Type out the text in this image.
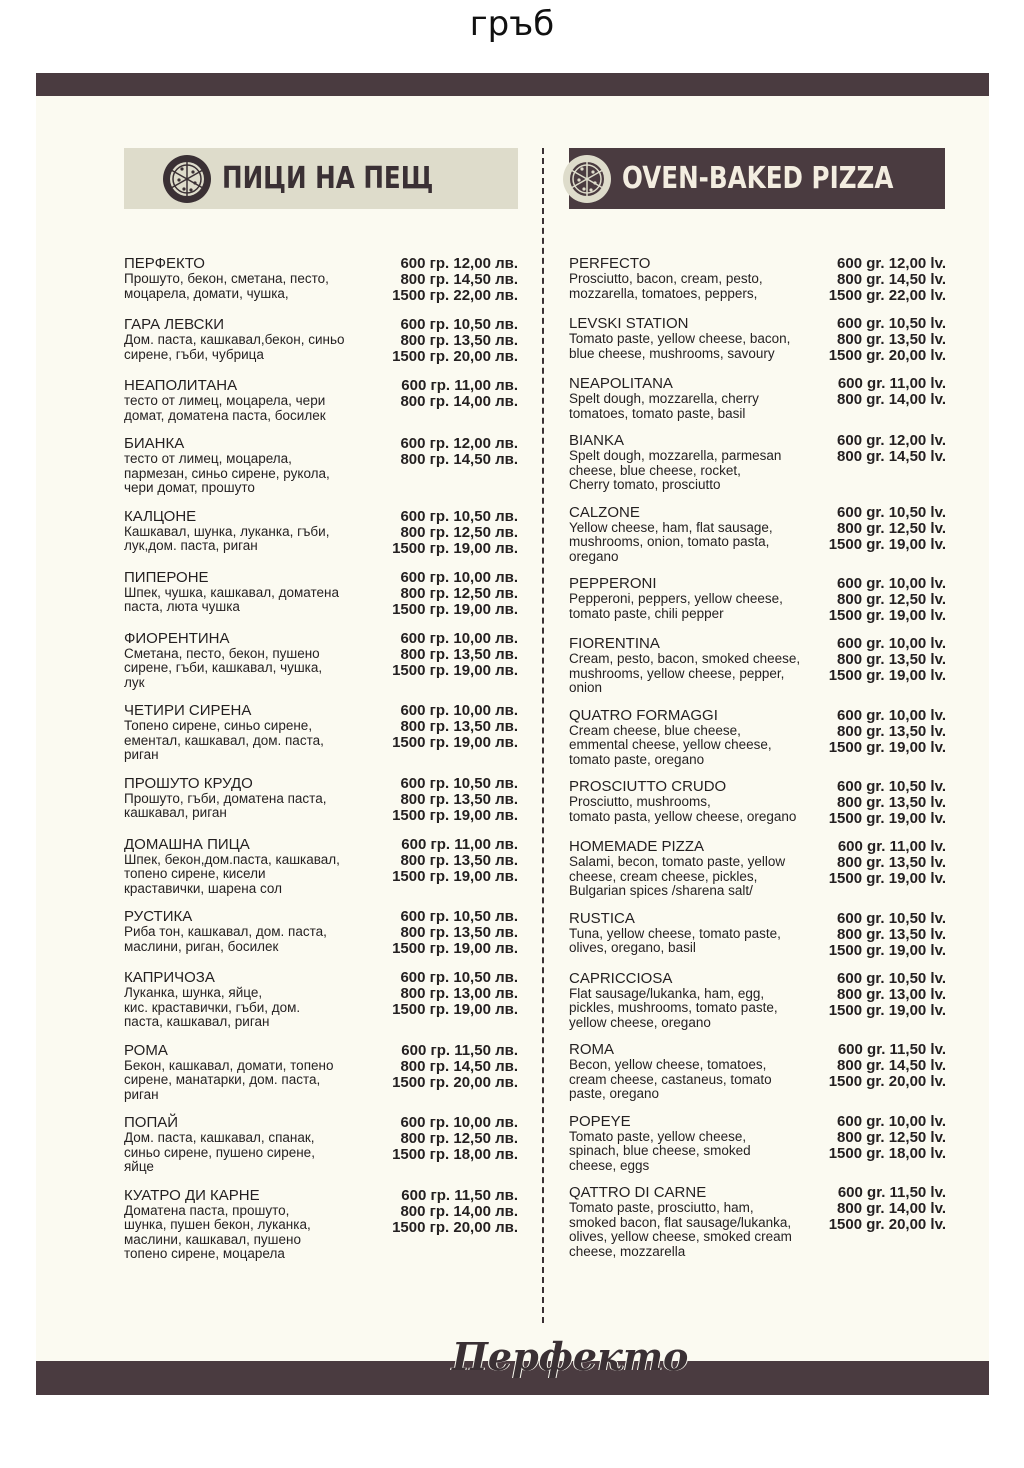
гръб
ПИЦИ НА ПЕЩ	OVEN-BAKED PIZZA
ПЕРФЕКТО
Прошуто, бекон, сметана, песто,
моцарела, домати, чушка,
600 гр. 12,00 лв.
800 гр. 14,50 лв.
1500 гр. 22,00 лв.
ГАРА ЛЕВСКИ
Дом. паста, кашкавал,бекон, синьо
сирене, гъби, чубрица
600 гр. 10,50 лв.
800 гр. 13,50 лв.
1500 гр. 20,00 лв.
НЕАПОЛИТАНА
тесто от лимец, моцарела, чери
домат, доматена паста, босилек
600 гр. 11,00 лв.
800 гр. 14,00 лв.
БИАНКА
тесто от лимец, моцарела,
пармезан, синьо сирене, рукола,
чери домат, прошуто
600 гр. 12,00 лв.
800 гр. 14,50 лв.
КАЛЦОНЕ
Кашкавал, шунка, луканка, гъби,
лук,дом. паста, риган
600 гр. 10,50 лв.
800 гр. 12,50 лв.
1500 гр. 19,00 лв.
ПИПЕРОНЕ
Шпек, чушка, кашкавал, доматена
паста, люта чушка
600 гр. 10,00 лв.
800 гр. 12,50 лв.
1500 гр. 19,00 лв.
ФИОРЕНТИНА
Сметана, песто, бекон, пушено
сирене, гъби, кашкавал, чушка,
лук
600 гр. 10,00 лв.
800 гр. 13,50 лв.
1500 гр. 19,00 лв.
ЧЕТИРИ СИРЕНА
Топено сирене, синьо сирене,
ементал, кашкавал, дом. паста,
риган
600 гр. 10,00 лв.
800 гр. 13,50 лв.
1500 гр. 19,00 лв.
ПРОШУТО КРУДО
Прошуто, гъби, доматена паста,
кашкавал, риган
600 гр. 10,50 лв.
800 гр. 13,50 лв.
1500 гр. 19,00 лв.
ДОМАШНА ПИЦА
Шпек, бекон,дом.паста, кашкавал,
топено сирене, кисели
краставички, шарена сол
600 гр. 11,00 лв.
800 гр. 13,50 лв.
1500 гр. 19,00 лв.
РУСТИКА
Риба тон, кашкавал, дом. паста,
маслини, риган, босилек
600 гр. 10,50 лв.
800 гр. 13,50 лв.
1500 гр. 19,00 лв.
КАПРИЧОЗА
Луканка, шунка, яйце,
кис. краставички, гъби, дом.
паста, кашкавал, риган
600 гр. 10,50 лв.
800 гр. 13,00 лв.
1500 гр. 19,00 лв.
РОМА
Бекон, кашкавал, домати, топено
сирене, манатарки, дом. паста,
риган
600 гр. 11,50 лв.
800 гр. 14,50 лв.
1500 гр. 20,00 лв.
ПОПАЙ
Дом. паста, кашкавал, спанак,
синьо сирене, пушено сирене,
яйце
600 гр. 10,00 лв.
800 гр. 12,50 лв.
1500 гр. 18,00 лв.
КУАТРО ДИ КАРНЕ
Доматена паста, прошуто,
шунка, пушен бекон, луканка,
маслини, кашкавал, пушено
топено сирене, моцарела
600 гр. 11,50 лв.
800 гр. 14,00 лв.
1500 гр. 20,00 лв.
PERFECTO
Prosciutto, bacon, cream, pesto,
mozzarella, tomatoes, peppers,
600 gr. 12,00 lv.
800 gr. 14,50 lv.
1500 gr. 22,00 lv.
LEVSKI STATION
Tomato paste, yellow cheese, bacon,
blue cheese, mushrooms, savoury
600 gr. 10,50 lv.
800 gr. 13,50 lv.
1500 gr. 20,00 lv.
NEAPOLITANA
Spelt dough, mozzarella, cherry
tomatoes, tomato paste, basil
600 gr. 11,00 lv.
800 gr. 14,00 lv.
BIANKA
Spelt dough, mozzarella, parmesan
cheese, blue cheese, rocket,
Cherry tomato, prosciutto
600 gr. 12,00 lv.
800 gr. 14,50 lv.
CALZONE
Yellow cheese, ham, flat sausage,
mushrooms, onion, tomato pasta,
oregano
600 gr. 10,50 lv.
800 gr. 12,50 lv.
1500 gr. 19,00 lv.
PEPPERONI
Pepperoni, peppers, yellow cheese,
tomato paste, chili pepper
600 gr. 10,00 lv.
800 gr. 12,50 lv.
1500 gr. 19,00 lv.
FIORENTINA
Cream, pesto, bacon, smoked cheese,
mushrooms, yellow cheese, pepper,
onion
600 gr. 10,00 lv.
800 gr. 13,50 lv.
1500 gr. 19,00 lv.
QUATRO FORMAGGI
Cream cheese, blue cheese,
emmental cheese, yellow cheese,
tomato paste, oregano
600 gr. 10,00 lv.
800 gr. 13,50 lv.
1500 gr. 19,00 lv.
PROSCIUTTO CRUDO
Prosciutto, mushrooms,
tomato pasta, yellow cheese, oregano
600 gr. 10,50 lv.
800 gr. 13,50 lv.
1500 gr. 19,00 lv.
HOMEMADE PIZZA
Salami, becon, tomato paste, yellow
cheese, cream cheese, pickles,
Bulgarian spices /sharena salt/
600 gr. 11,00 lv.
800 gr. 13,50 lv.
1500 gr. 19,00 lv.
RUSTICA
Tuna, yellow cheese, tomato paste,
olives, oregano, basil
600 gr. 10,50 lv.
800 gr. 13,50 lv.
1500 gr. 19,00 lv.
CAPRICCIOSA
Flat sausage/lukanka, ham, egg,
pickles, mushrooms, tomato paste,
yellow cheese, oregano
600 gr. 10,50 lv.
800 gr. 13,00 lv.
1500 gr. 19,00 lv.
ROMA
Becon, yellow cheese, tomatoes,
cream cheese, castaneus, tomato
paste, oregano
600 gr. 11,50 lv.
800 gr. 14,50 lv.
1500 gr. 20,00 lv.
POPEYE
Tomato paste, yellow cheese,
spinach, blue cheese, smoked
cheese, eggs
600 gr. 10,00 lv.
800 gr. 12,50 lv.
1500 gr. 18,00 lv.
QATTRO DI CARNE
Tomato paste, prosciutto, ham,
smoked bacon, flat sausage/lukanka,
olives, yellow cheese, smoked cream
cheese, mozzarella
600 gr. 11,50 lv.
800 gr. 14,00 lv.
1500 gr. 20,00 lv.
Перфекто
